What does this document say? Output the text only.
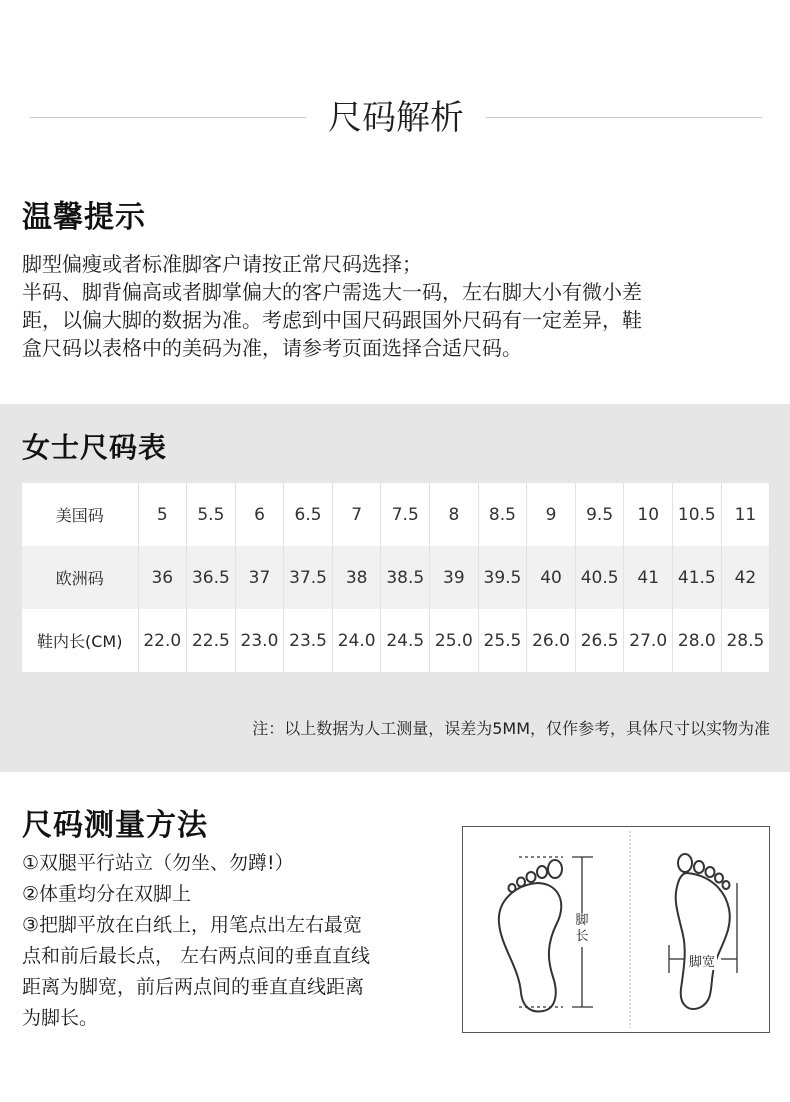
尺码解析
温馨提示
脚型偏瘦或者标准脚客户请按正常尺码选择；
半码、脚背偏高或者脚掌偏大的客户需选大一码，左右脚大小有微小差
距，以偏大脚的数据为准。考虑到中国尺码跟国外尺码有一定差异，鞋
盒尺码以表格中的美码为准，请参考页面选择合适尺码。
女士尺码表
美国码	5	5.5	6	6.5	7	7.5	8	8.5	9	9.5	10	10.5	11
欧洲码	36	36.5	37	37.5	38	38.5	39	39.5	40	40.5	41	41.5	42
鞋内长(CM)	22.0	22.5	23.0	23.5	24.0	24.5	25.0	25.5	26.0	26.5	27.0	28.0	28.5
注：以上数据为人工测量，误差为5MM，仅作参考，具体尺寸以实物为准
尺码测量方法
①双腿平行站立（勿坐、勿蹲!）
②体重均分在双脚上
③把脚平放在白纸上，用笔点出左右最宽
点和前后最长点， 左右两点间的垂直直线
距离为脚宽，前后两点间的垂直直线距离
为脚长。
脚长
脚宽
